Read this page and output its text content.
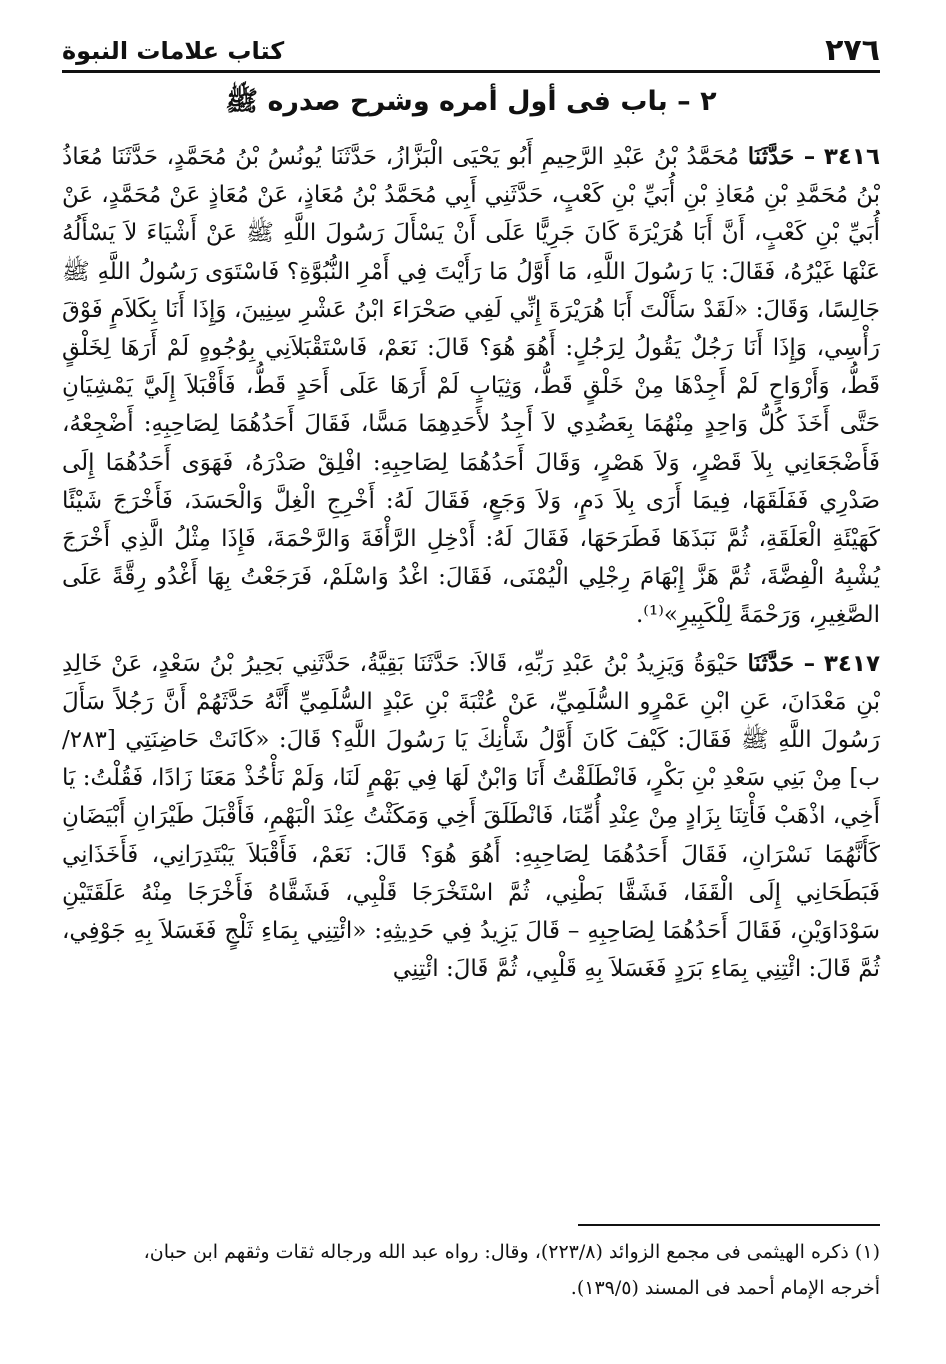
٢٧٦
كتاب علامات النبوة
٢ – باب فى أول أمره وشرح صدره ﷺ

٣٤١٦ – حَدَّثَنَا مُحَمَّدُ بْنُ عَبْدِ الرَّحِيمِ أَبُو يَحْيَى الْبَزَّازُ، حَدَّثَنَا يُونُسُ بْنُ مُحَمَّدٍ، حَدَّثَنَا مُعَاذُ بْنُ مُحَمَّدِ بْنِ مُعَاذِ بْنِ أُبَيِّ بْنِ كَعْبٍ، حَدَّثَنِي أَبِي مُحَمَّدُ بْنُ مُعَاذٍ، عَنْ مُعَاذٍ عَنْ مُحَمَّدٍ، عَنْ أُبَيِّ بْنِ كَعْبٍ، أَنَّ أَبَا هُرَيْرَةَ كَانَ جَرِيًّا عَلَى أَنْ يَسْأَلَ رَسُولَ اللَّهِ ﷺ عَنْ أَشْيَاءَ لاَ يَسْأَلُهُ عَنْهَا غَيْرُهُ، فَقَالَ: يَا رَسُولَ اللَّهِ، مَا أَوَّلُ مَا رَأَيْتَ فِي أَمْرِ النُّبُوَّةِ؟ فَاسْتَوَى رَسُولُ اللَّهِ ﷺ جَالِسًا، وَقَالَ: «لَقَدْ سَأَلْتَ أَبَا هُرَيْرَةَ إِنِّي لَفِي صَحْرَاءَ ابْنُ عَشْرِ سِنِينَ، وَإِذَا أَنَا بِكَلاَمٍ فَوْقَ رَأْسِي، وَإِذَا أَنَا رَجُلٌ يَقُولُ لِرَجُلٍ: أَهُوَ هُوَ؟ قَالَ: نَعَمْ، فَاسْتَقْبَلاَنِي بِوُجُوهٍ لَمْ أَرَهَا لِخَلْقٍ قَطُّ، وَأَرْوَاحٍ لَمْ أَجِدْهَا مِنْ خَلْقٍ قَطُّ، وَثِيَابٍ لَمْ أَرَهَا عَلَى أَحَدٍ قَطُّ، فَأَقْبَلاَ إِلَيَّ يَمْشِيَانِ حَتَّى أَخَذَ كُلُّ وَاحِدٍ مِنْهُمَا بِعَضُدِي لاَ أَجِدُ لأَحَدِهِمَا مَسًّا، فَقَالَ أَحَدُهُمَا لِصَاحِبِهِ: أَضْجِعْهُ، فَأَضْجَعَانِي بِلاَ قَصْرٍ، وَلاَ هَصْرٍ، وَقَالَ أَحَدُهُمَا لِصَاحِبِهِ: افْلِقْ صَدْرَهُ، فَهَوَى أَحَدُهُمَا إِلَى صَدْرِي فَفَلَقَهَا، فِيمَا أَرَى بِلاَ دَمٍ، وَلاَ وَجَعٍ، فَقَالَ لَهُ: أَخْرِجِ الْغِلَّ وَالْحَسَدَ، فَأَخْرَجَ شَيْئًا كَهَيْئَةِ الْعَلَقَةِ، ثُمَّ نَبَذَهَا فَطَرَحَهَا، فَقَالَ لَهُ: أَدْخِلِ الرَّأْفَةَ وَالرَّحْمَةَ، فَإِذَا مِثْلُ الَّذِي أَخْرَجَ يُشْبِهُ الْفِضَّةَ، ثُمَّ هَزَّ إِبْهَامَ رِجْلِي الْيُمْنَى، فَقَالَ: اغْدُ وَاسْلَمْ، فَرَجَعْتُ بِهَا أَغْدُو رِقَّةً عَلَى الصَّغِيرِ، وَرَحْمَةً لِلْكَبِيرِ»⁽¹⁾.

٣٤١٧ – حَدَّثَنَا حَيْوَةُ وَيَزِيدُ بْنُ عَبْدِ رَبِّهِ، قَالاَ: حَدَّثَنَا بَقِيَّةُ، حَدَّثَنِي بَحِيرُ بْنُ سَعْدٍ، عَنْ خَالِدِ بْنِ مَعْدَانَ، عَنِ ابْنِ عَمْرٍو السُّلَمِيِّ، عَنْ عُتْبَةَ بْنِ عَبْدٍ السُّلَمِيِّ أَنَّهُ حَدَّثَهُمْ أَنَّ رَجُلاً سَأَلَ رَسُولَ اللَّهِ ﷺ فَقَالَ: كَيْفَ كَانَ أَوَّلُ شَأْنِكَ يَا رَسُولَ اللَّهِ؟ قَالَ: «كَانَتْ حَاضِنَتِي [٢٨٣/ب] مِنْ بَنِي سَعْدِ بْنِ بَكْرٍ، فَانْطَلَقْتُ أَنَا وَابْنٌ لَهَا فِي بَهْمٍ لَنَا، وَلَمْ نَأْخُذْ مَعَنَا زَادًا، فَقُلْتُ: يَا أَخِي، اذْهَبْ فَأْتِنَا بِزَادٍ مِنْ عِنْدِ أُمِّنَا، فَانْطَلَقَ أَخِي وَمَكَثْتُ عِنْدَ الْبَهْمِ، فَأَقْبَلَ طَيْرَانِ أَبْيَضَانِ كَأَنَّهُمَا نَسْرَانِ، فَقَالَ أَحَدُهُمَا لِصَاحِبِهِ: أَهُوَ هُوَ؟ قَالَ: نَعَمْ، فَأَقْبَلاَ يَبْتَدِرَانِي، فَأَخَذَانِي فَبَطَحَانِي إِلَى الْقَفَا، فَشَقَّا بَطْنِي، ثُمَّ اسْتَخْرَجَا قَلْبِي، فَشَقَّاهُ فَأَخْرَجَا مِنْهُ عَلَقَتَيْنِ سَوْدَاوَيْنِ، فَقَالَ أَحَدُهُمَا لِصَاحِبِهِ – قَالَ يَزِيدُ فِي حَدِيثِهِ: «ائْتِنِي بِمَاءِ ثَلْجٍ فَغَسَلاَ بِهِ جَوْفِي، ثُمَّ قَالَ: ائْتِنِي بِمَاءِ بَرَدٍ فَغَسَلاَ بِهِ قَلْبِي، ثُمَّ قَالَ: ائْتِنِي

(١) ذكره الهيثمى فى مجمع الزوائد (٢٢٣/٨)، وقال: رواه عبد الله ورجاله ثقات وثقهم ابن حبان،

أخرجه الإمام أحمد فى المسند (١٣٩/٥).
